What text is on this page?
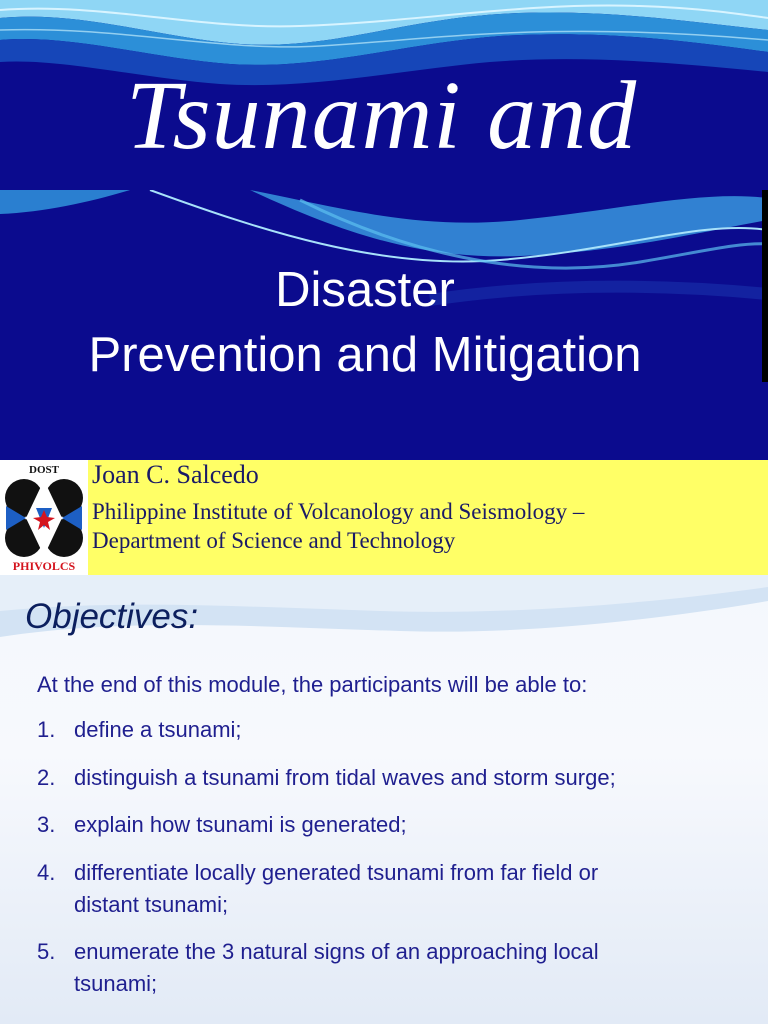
Tsunami and
Disaster
Prevention and Mitigation
DOST
PHIVOLCS
Joan C. Salcedo
Philippine Institute of Volcanology and Seismology –
Department of Science and Technology
Objectives:
At the end of this module, the participants will be able to:
1. define a tsunami;
2. distinguish a tsunami from tidal waves and storm surge;
3. explain how tsunami is generated;
4. differentiate locally generated tsunami from far field or
distant tsunami;
5. enumerate the 3 natural signs of an approaching local
tsunami;
